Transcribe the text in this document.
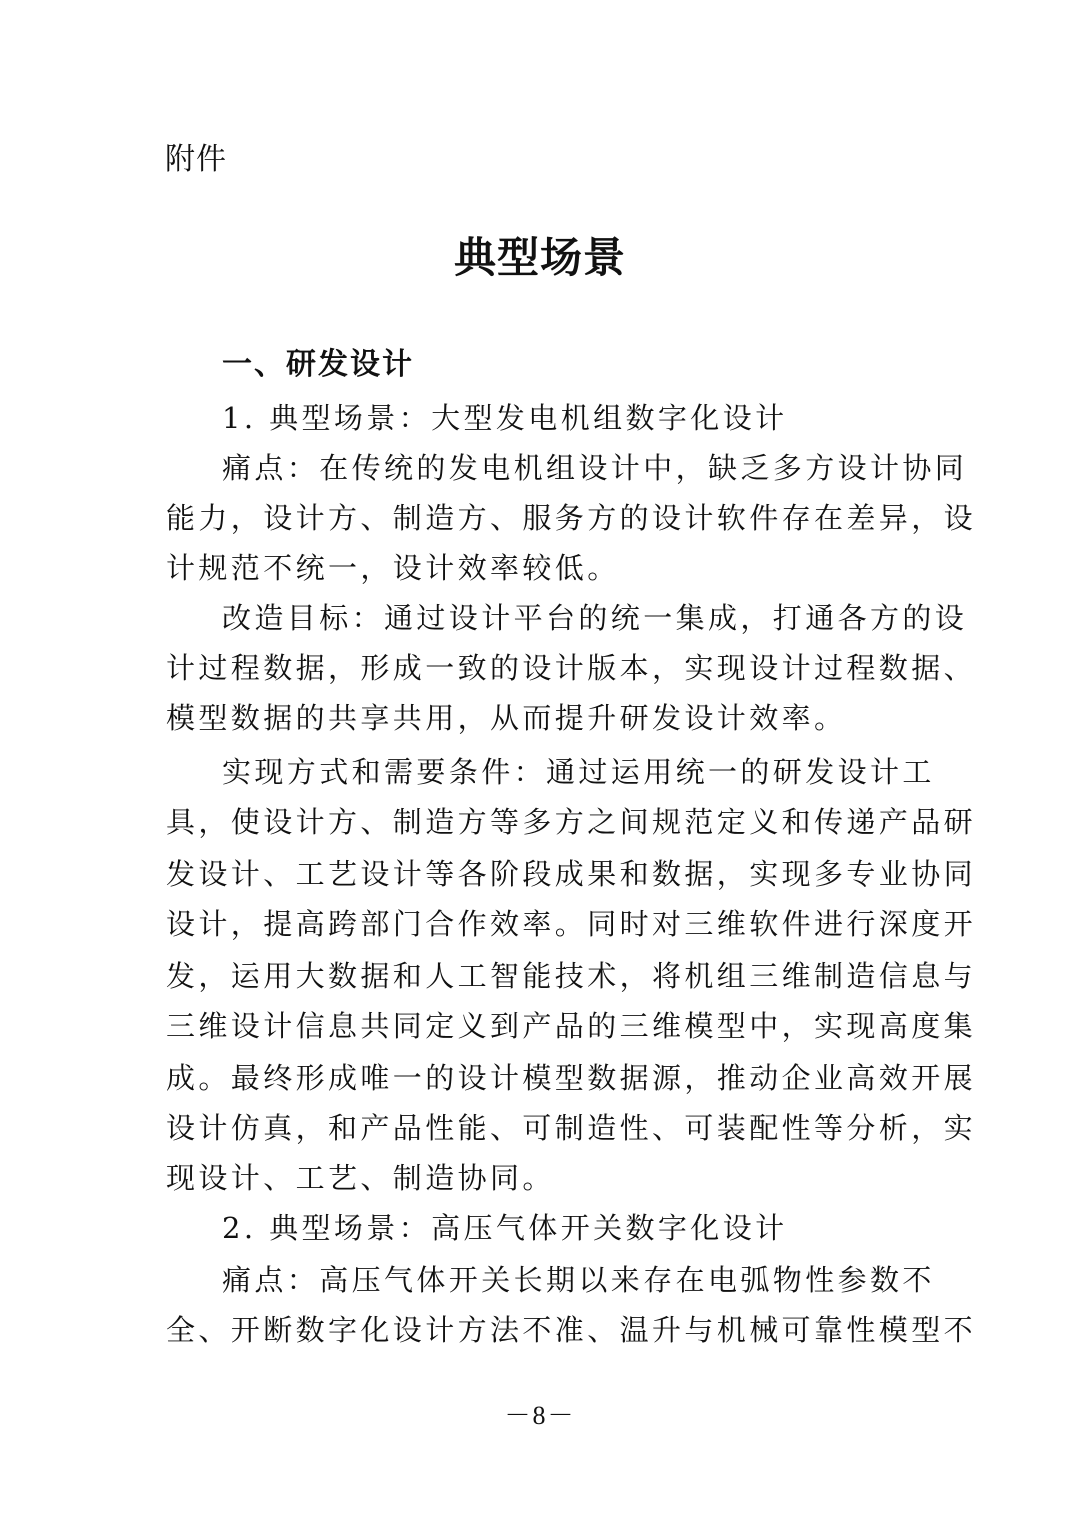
附件
典型场景
一、研发设计
1. 典型场景：大型发电机组数字化设计
痛点：在传统的发电机组设计中，缺乏多方设计协同
能力，设计方、制造方、服务方的设计软件存在差异，设
计规范不统一，设计效率较低。
改造目标：通过设计平台的统一集成，打通各方的设
计过程数据，形成一致的设计版本，实现设计过程数据、
模型数据的共享共用，从而提升研发设计效率。
实现方式和需要条件：通过运用统一的研发设计工
具，使设计方、制造方等多方之间规范定义和传递产品研
发设计、工艺设计等各阶段成果和数据，实现多专业协同
设计，提高跨部门合作效率。同时对三维软件进行深度开
发，运用大数据和人工智能技术，将机组三维制造信息与
三维设计信息共同定义到产品的三维模型中，实现高度集
成。最终形成唯一的设计模型数据源，推动企业高效开展
设计仿真，和产品性能、可制造性、可装配性等分析，实
现设计、工艺、制造协同。
2. 典型场景：高压气体开关数字化设计
痛点：高压气体开关长期以来存在电弧物性参数不
全、开断数字化设计方法不准、温升与机械可靠性模型不
－8－
